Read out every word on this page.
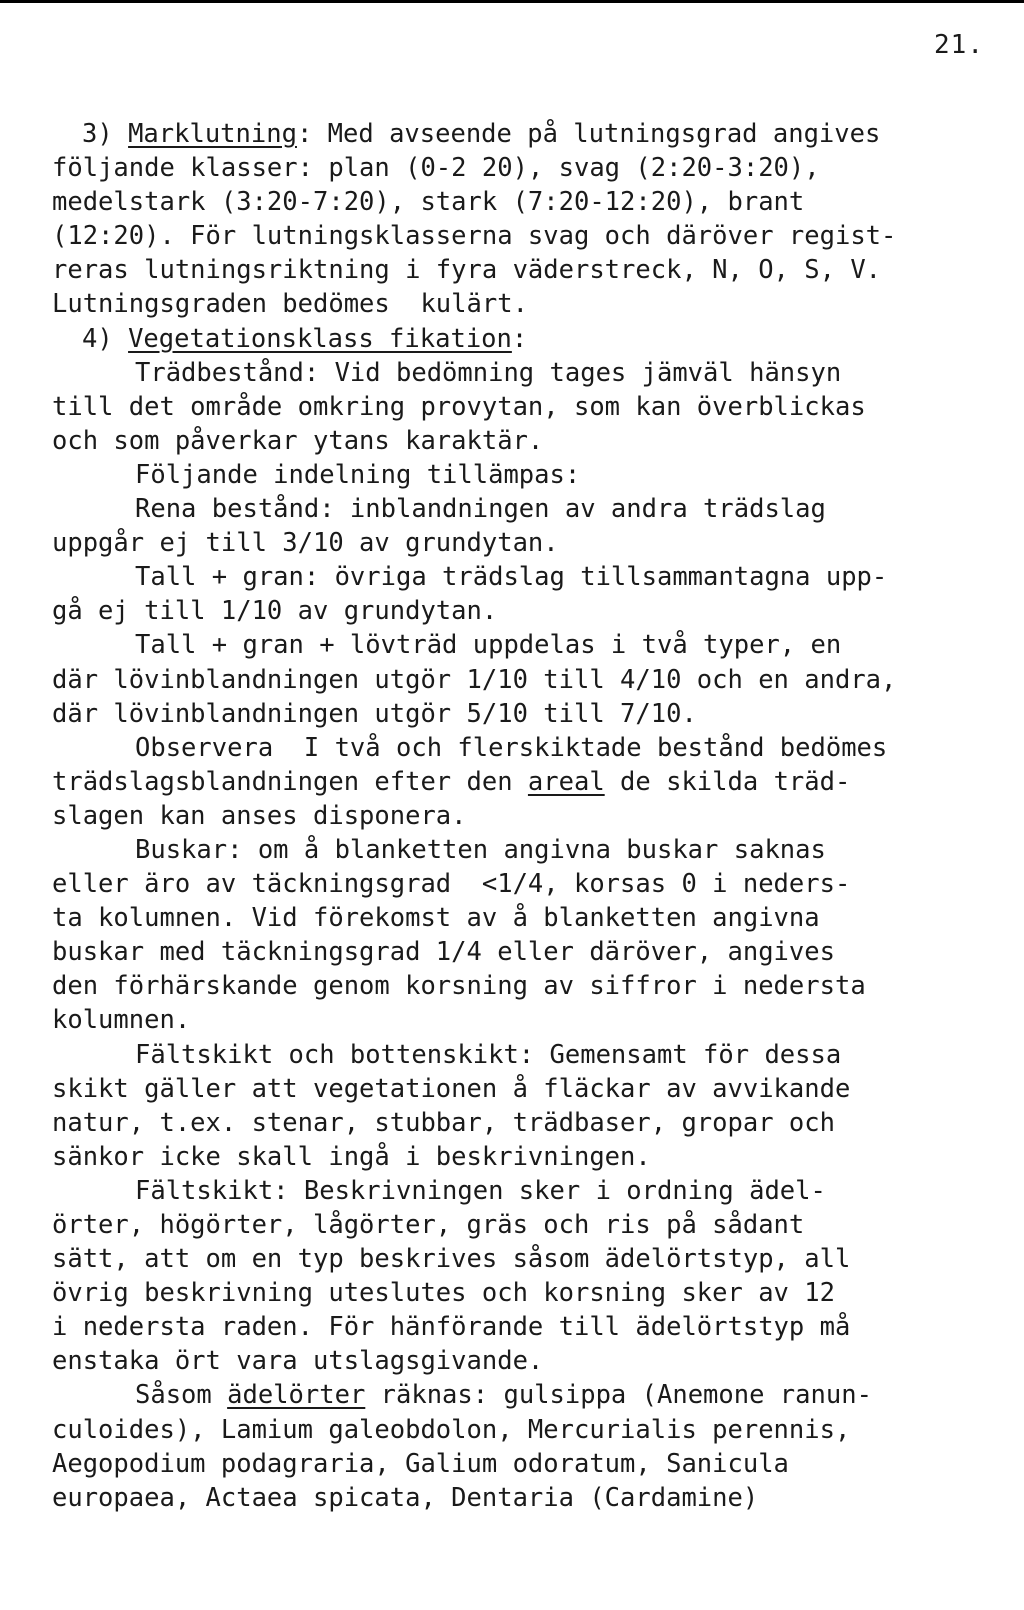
21.
3) Marklutning: Med avseende på lutningsgrad angives
följande klasser: plan (0-2 20), svag (2:20-3:20),
medelstark (3:20-7:20), stark (7:20-12:20), brant
(12:20). För lutningsklasserna svag och däröver regist-
reras lutningsriktning i fyra väderstreck, N, O, S, V.
Lutningsgraden bedömes  kulärt.
4) Vegetationsklass fikation:
Trädbestånd: Vid bedömning tages jämväl hänsyn
till det område omkring provytan, som kan överblickas
och som påverkar ytans karaktär.
Följande indelning tillämpas:
Rena bestånd: inblandningen av andra trädslag
uppgår ej till 3/10 av grundytan.
Tall + gran: övriga trädslag tillsammantagna upp-
gå ej till 1/10 av grundytan.
Tall + gran + lövträd uppdelas i två typer, en
där lövinblandningen utgör 1/10 till 4/10 och en andra,
där lövinblandningen utgör 5/10 till 7/10.
Observera  I två och flerskiktade bestånd bedömes
trädslagsblandningen efter den areal de skilda träd-
slagen kan anses disponera.
Buskar: om å blanketten angivna buskar saknas
eller äro av täckningsgrad  <1/4, korsas 0 i neders-
ta kolumnen. Vid förekomst av å blanketten angivna
buskar med täckningsgrad 1/4 eller däröver, angives
den förhärskande genom korsning av siffror i nedersta
kolumnen.
Fältskikt och bottenskikt: Gemensamt för dessa
skikt gäller att vegetationen å fläckar av avvikande
natur, t.ex. stenar, stubbar, trädbaser, gropar och
sänkor icke skall ingå i beskrivningen.
Fältskikt: Beskrivningen sker i ordning ädel-
örter, högörter, lågörter, gräs och ris på sådant
sätt, att om en typ beskrives såsom ädelörtstyp, all
övrig beskrivning uteslutes och korsning sker av 12
i nedersta raden. För hänförande till ädelörtstyp må
enstaka ört vara utslagsgivande.
Såsom ädelörter räknas: gulsippa (Anemone ranun-
culoides), Lamium galeobdolon, Mercurialis perennis,
Aegopodium podagraria, Galium odoratum, Sanicula
europaea, Actaea spicata, Dentaria (Cardamine)
